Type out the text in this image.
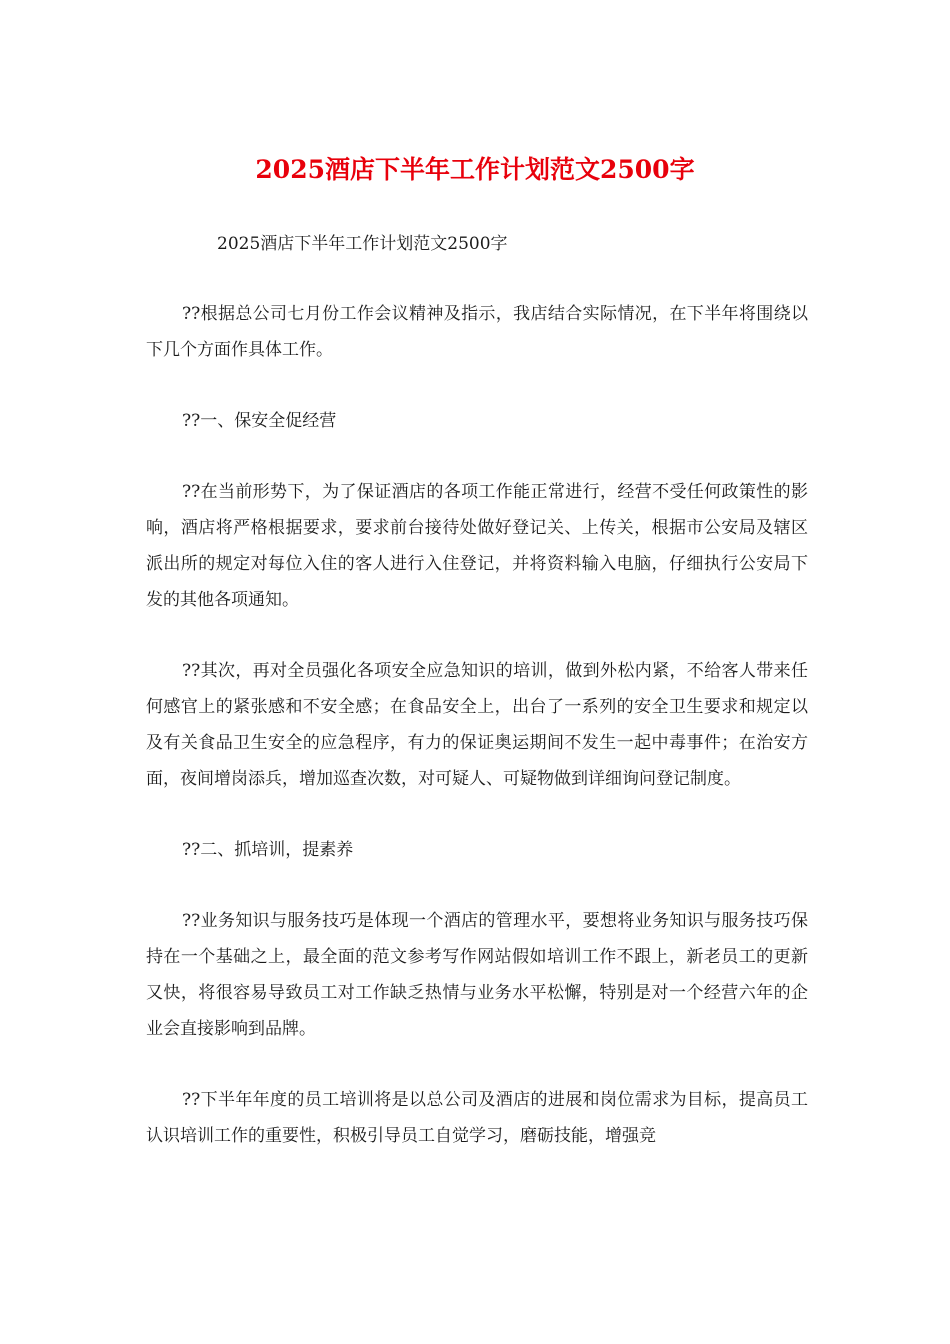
2025酒店下半年工作计划范文2500字

2025酒店下半年工作计划范文2500字

??根据总公司七月份工作会议精神及指示，我店结合实际情况，在下半年将围绕以下几个方面作具体工作。

??一、保安全促经营

??在当前形势下，为了保证酒店的各项工作能正常进行，经营不受任何政策性的影响，酒店将严格根据要求，要求前台接待处做好登记关、上传关，根据市公安局及辖区派出所的规定对每位入住的客人进行入住登记，并将资料输入电脑，仔细执行公安局下发的其他各项通知。

??其次，再对全员强化各项安全应急知识的培训，做到外松内紧，不给客人带来任何感官上的紧张感和不安全感；在食品安全上，出台了一系列的安全卫生要求和规定以及有关食品卫生安全的应急程序，有力的保证奥运期间不发生一起中毒事件；在治安方面，夜间增岗添兵，增加巡查次数，对可疑人、可疑物做到详细询问登记制度。

??二、抓培训，提素养

??业务知识与服务技巧是体现一个酒店的管理水平，要想将业务知识与服务技巧保持在一个基础之上，最全面的范文参考写作网站假如培训工作不跟上，新老员工的更新又快，将很容易导致员工对工作缺乏热情与业务水平松懈，特别是对一个经营六年的企业会直接影响到品牌。

??下半年年度的员工培训将是以总公司及酒店的进展和岗位需求为目标，提高员工认识培训工作的重要性，积极引导员工自觉学习，磨砺技能，增强竞
